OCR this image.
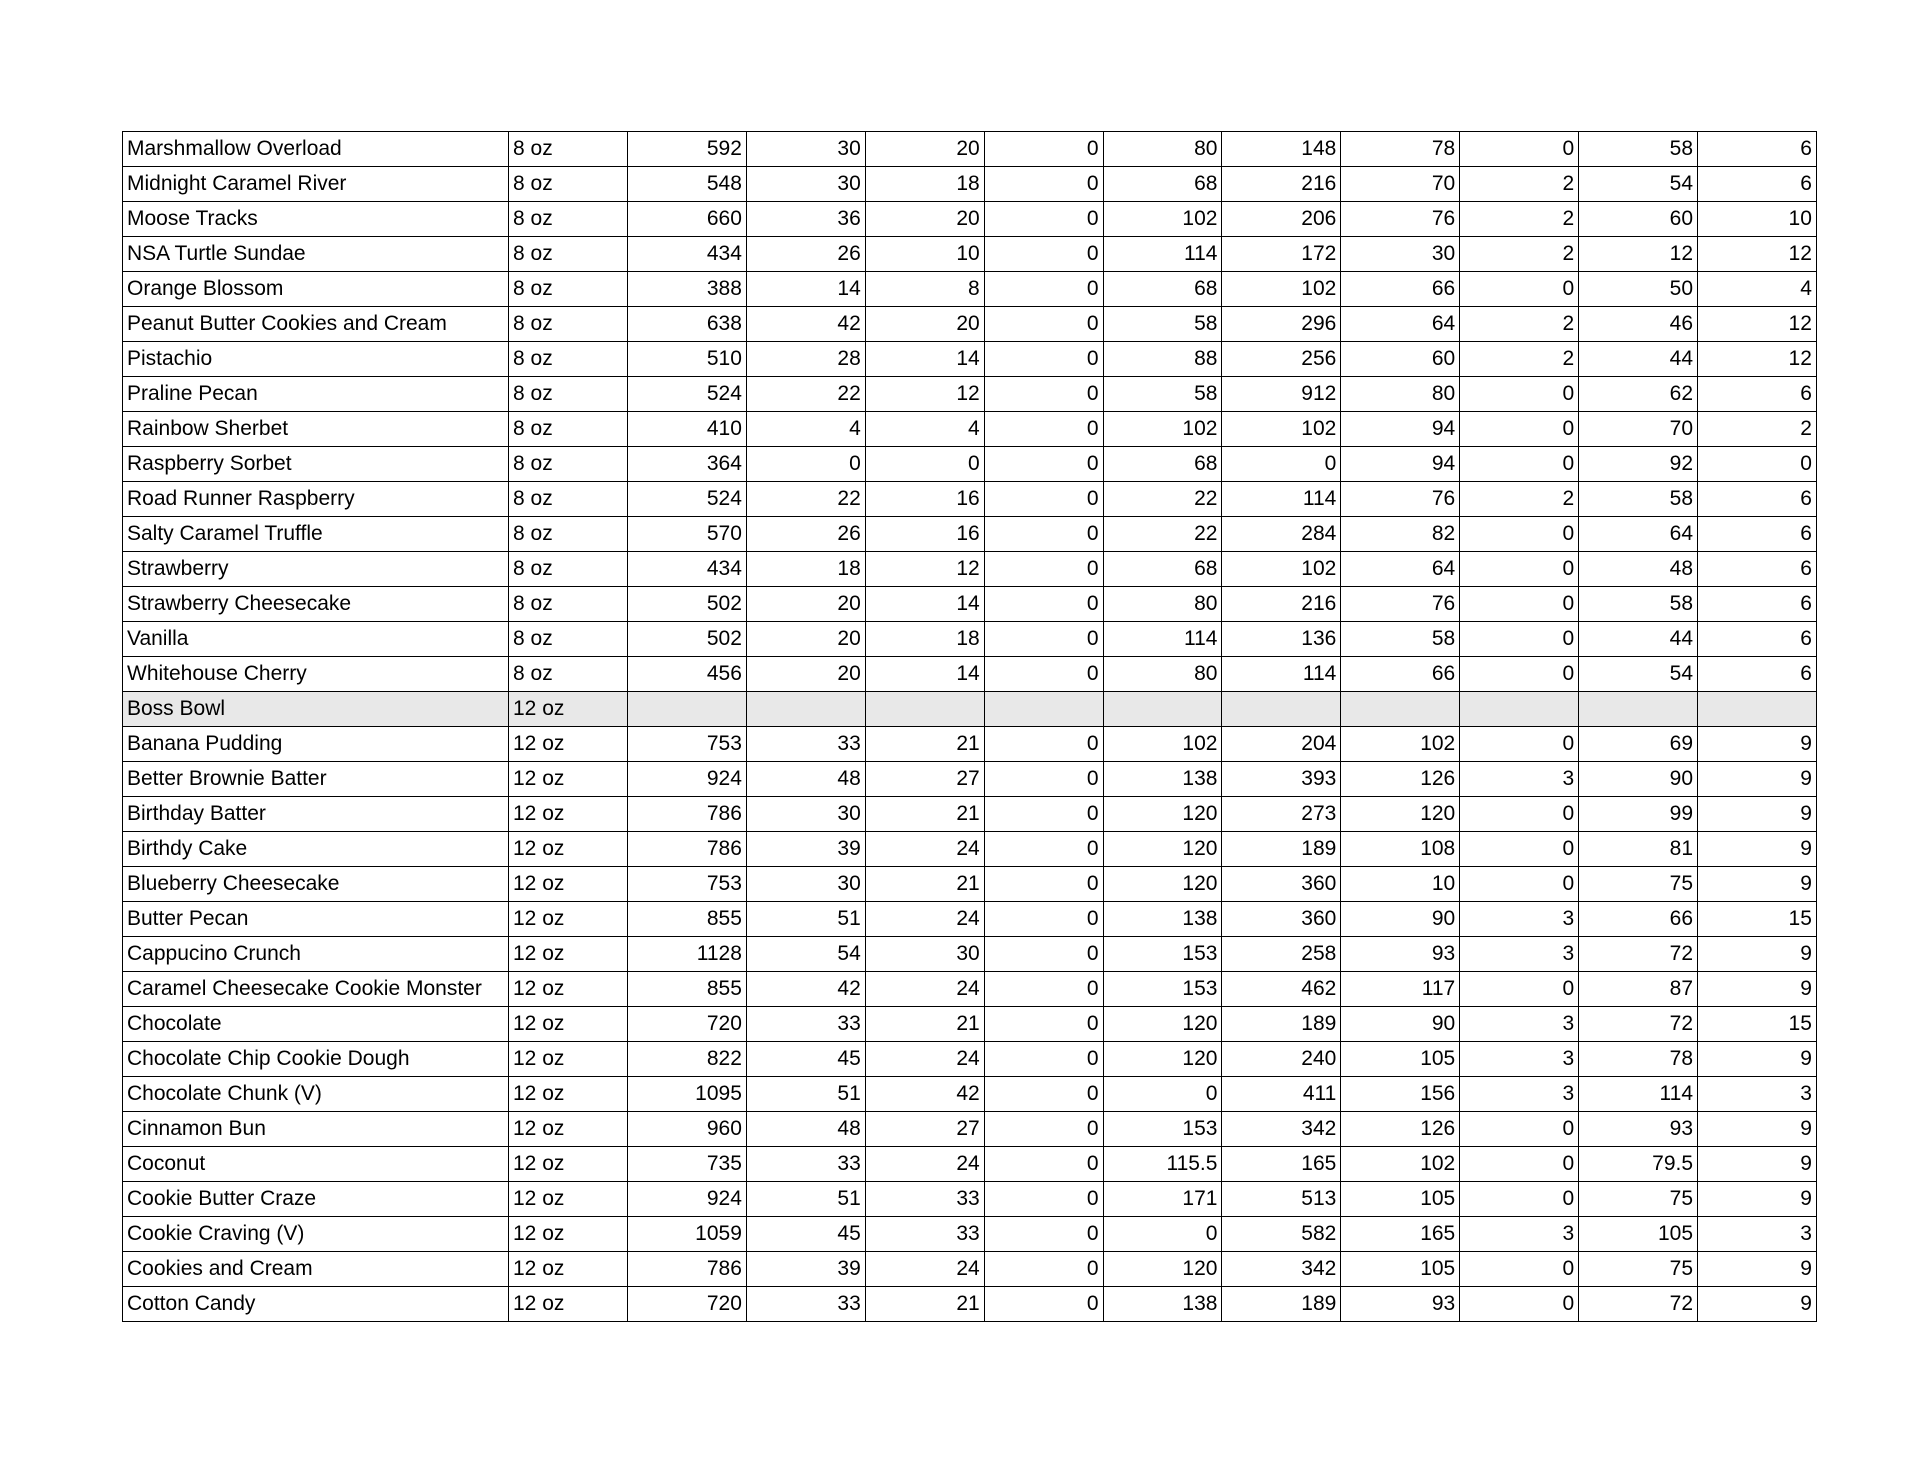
Marshmallow Overload	8 oz	592	30	20	0	80	148	78	0	58	6
Midnight Caramel River	8 oz	548	30	18	0	68	216	70	2	54	6
Moose Tracks	8 oz	660	36	20	0	102	206	76	2	60	10
NSA Turtle Sundae	8 oz	434	26	10	0	114	172	30	2	12	12
Orange Blossom	8 oz	388	14	8	0	68	102	66	0	50	4
Peanut Butter Cookies and Cream	8 oz	638	42	20	0	58	296	64	2	46	12
Pistachio	8 oz	510	28	14	0	88	256	60	2	44	12
Praline Pecan	8 oz	524	22	12	0	58	912	80	0	62	6
Rainbow Sherbet	8 oz	410	4	4	0	102	102	94	0	70	2
Raspberry Sorbet	8 oz	364	0	0	0	68	0	94	0	92	0
Road Runner Raspberry	8 oz	524	22	16	0	22	114	76	2	58	6
Salty Caramel Truffle	8 oz	570	26	16	0	22	284	82	0	64	6
Strawberry	8 oz	434	18	12	0	68	102	64	0	48	6
Strawberry Cheesecake	8 oz	502	20	14	0	80	216	76	0	58	6
Vanilla	8 oz	502	20	18	0	114	136	58	0	44	6
Whitehouse Cherry	8 oz	456	20	14	0	80	114	66	0	54	6
Boss Bowl	12 oz										
Banana Pudding	12 oz	753	33	21	0	102	204	102	0	69	9
Better Brownie Batter	12 oz	924	48	27	0	138	393	126	3	90	9
Birthday Batter	12 oz	786	30	21	0	120	273	120	0	99	9
Birthdy Cake	12 oz	786	39	24	0	120	189	108	0	81	9
Blueberry Cheesecake	12 oz	753	30	21	0	120	360	10	0	75	9
Butter Pecan	12 oz	855	51	24	0	138	360	90	3	66	15
Cappucino Crunch	12 oz	1128	54	30	0	153	258	93	3	72	9
Caramel Cheesecake Cookie Monster	12 oz	855	42	24	0	153	462	117	0	87	9
Chocolate	12 oz	720	33	21	0	120	189	90	3	72	15
Chocolate Chip Cookie Dough	12 oz	822	45	24	0	120	240	105	3	78	9
Chocolate Chunk (V)	12 oz	1095	51	42	0	0	411	156	3	114	3
Cinnamon Bun	12 oz	960	48	27	0	153	342	126	0	93	9
Coconut	12 oz	735	33	24	0	115.5	165	102	0	79.5	9
Cookie Butter Craze	12 oz	924	51	33	0	171	513	105	0	75	9
Cookie Craving (V)	12 oz	1059	45	33	0	0	582	165	3	105	3
Cookies and Cream	12 oz	786	39	24	0	120	342	105	0	75	9
Cotton Candy	12 oz	720	33	21	0	138	189	93	0	72	9
